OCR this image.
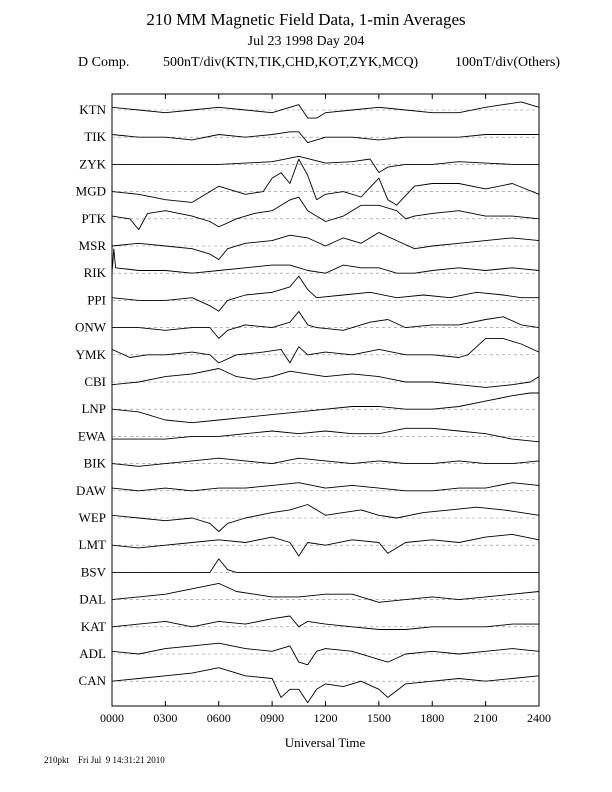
210 MM Magnetic Field Data, 1-min Averages
Jul 23 1998 Day 204
D Comp. 500nT/div(KTN,TIK,CHD,KOT,ZYK,MCQ)	100nT/div(Others)
KTN
TIK
ZYK
MGD
PTK
MSR
RIK
PPI
ONW
YMK
CBI
LNP
EWA
BIK
DAW
WEP
LMT
BSV
DAL
KAT
ADL
CAN
0000 0300 0600 0900 1200 1500 1800 2100 2400
Universal Time
210pkt Fri Jul  9 14:31:21 2010
